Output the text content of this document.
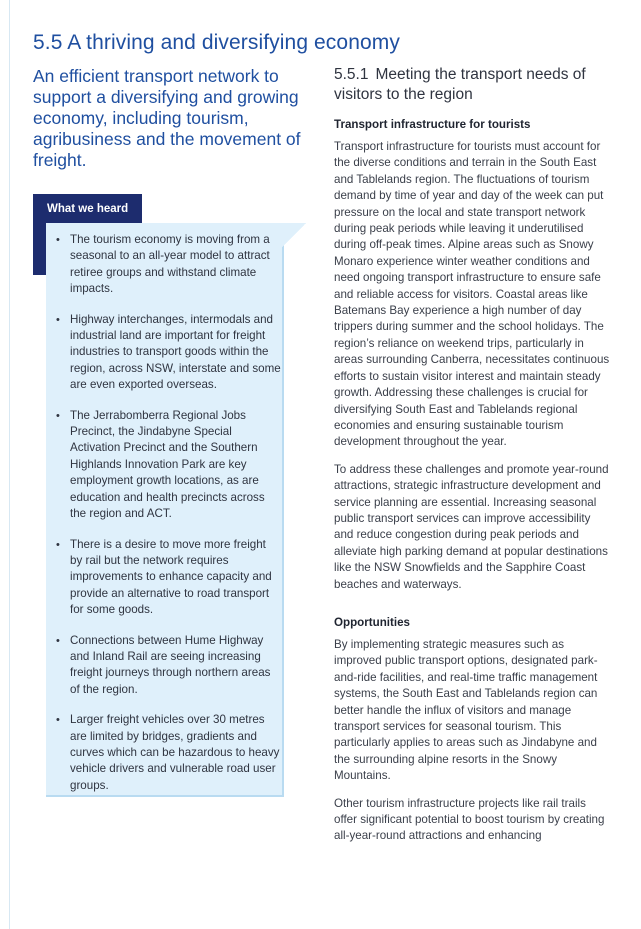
5.5 A thriving and diversifying economy

An efficient transport network to support a diversifying and growing economy, including tourism, agribusiness and the movement of freight.

What we heard
• The tourism economy is moving from a seasonal to an all-year model to attract retiree groups and withstand climate impacts.
• Highway interchanges, intermodals and industrial land are important for freight industries to transport goods within the region, across NSW, interstate and some are even exported overseas.
• The Jerrabomberra Regional Jobs Precinct, the Jindabyne Special Activation Precinct and the Southern Highlands Innovation Park are key employment growth locations, as are education and health precincts across the region and ACT.
• There is a desire to move more freight by rail but the network requires improvements to enhance capacity and provide an alternative to road transport for some goods.
• Connections between Hume Highway and Inland Rail are seeing increasing freight journeys through northern areas of the region.
• Larger freight vehicles over 30 metres are limited by bridges, gradients and curves which can be hazardous to heavy vehicle drivers and vulnerable road user groups.
5.5.1 Meeting the transport needs of visitors to the region
Transport infrastructure for tourists

Transport infrastructure for tourists must account for the diverse conditions and terrain in the South East and Tablelands region. The fluctuations of tourism demand by time of year and day of the week can put pressure on the local and state transport network during peak periods while leaving it underutilised during off-peak times. Alpine areas such as Snowy Monaro experience winter weather conditions and need ongoing transport infrastructure to ensure safe and reliable access for visitors. Coastal areas like Batemans Bay experience a high number of day trippers during summer and the school holidays. The region’s reliance on weekend trips, particularly in areas surrounding Canberra, necessitates continuous efforts to sustain visitor interest and maintain steady growth. Addressing these challenges is crucial for diversifying South East and Tablelands regional economies and ensuring sustainable tourism development throughout the year.

To address these challenges and promote year-round attractions, strategic infrastructure development and service planning are essential. Increasing seasonal public transport services can improve accessibility and reduce congestion during peak periods and alleviate high parking demand at popular destinations like the NSW Snowfields and the Sapphire Coast beaches and waterways.

Opportunities

By implementing strategic measures such as improved public transport options, designated park-and-ride facilities, and real-time traffic management systems, the South East and Tablelands region can better handle the influx of visitors and manage transport services for seasonal tourism. This particularly applies to areas such as Jindabyne and the surrounding alpine resorts in the Snowy Mountains.

Other tourism infrastructure projects like rail trails offer significant potential to boost tourism by creating all-year-round attractions and enhancing
